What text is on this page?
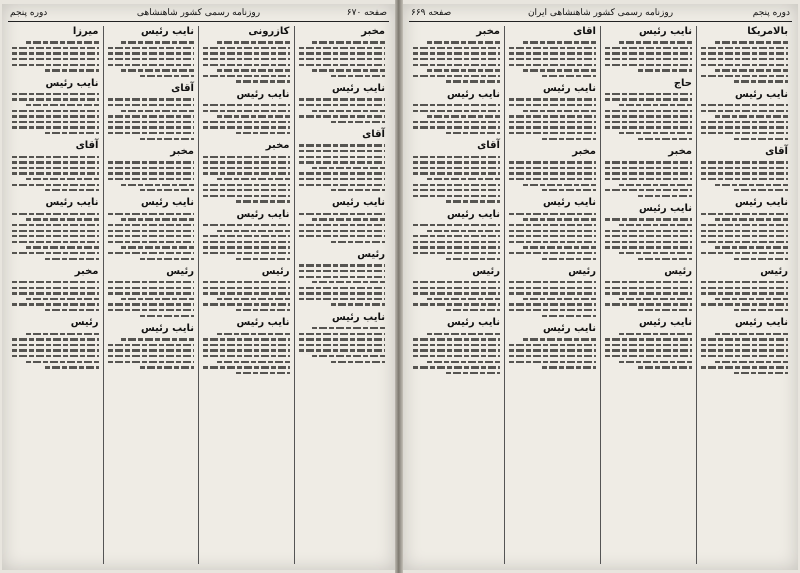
صفحه ۶۷۰
روزنامه رسمی کشور شاهنشاهی
دوره پنجم
مخبر
نایب رئیس
آقای
نایب رئیس
رئیس
نایب رئیس
کازرونی
نایب رئیس
مخبر
نایب رئیس
رئیس
نایب رئیس
نایب رئیس
آقای
مخبر
نایب رئیس
رئیس
نایب رئیس
میرزا
نایب رئیس
آقای
نایب رئیس
مخبر
رئیس
دوره پنجم
روزنامه رسمی کشور شاهنشاهی ایران
صفحه ۶۶۹
بالامریکا
نایب رئیس
آقای
نایب رئیس
رئیس
نایب رئیس
نایب رئیس
حاج
مخبر
نایب رئیس
رئیس
نایب رئیس
آقای
نایب رئیس
مخبر
نایب رئیس
رئیس
نایب رئیس
مخبر
نایب رئیس
آقای
نایب رئیس
رئیس
نایب رئیس
